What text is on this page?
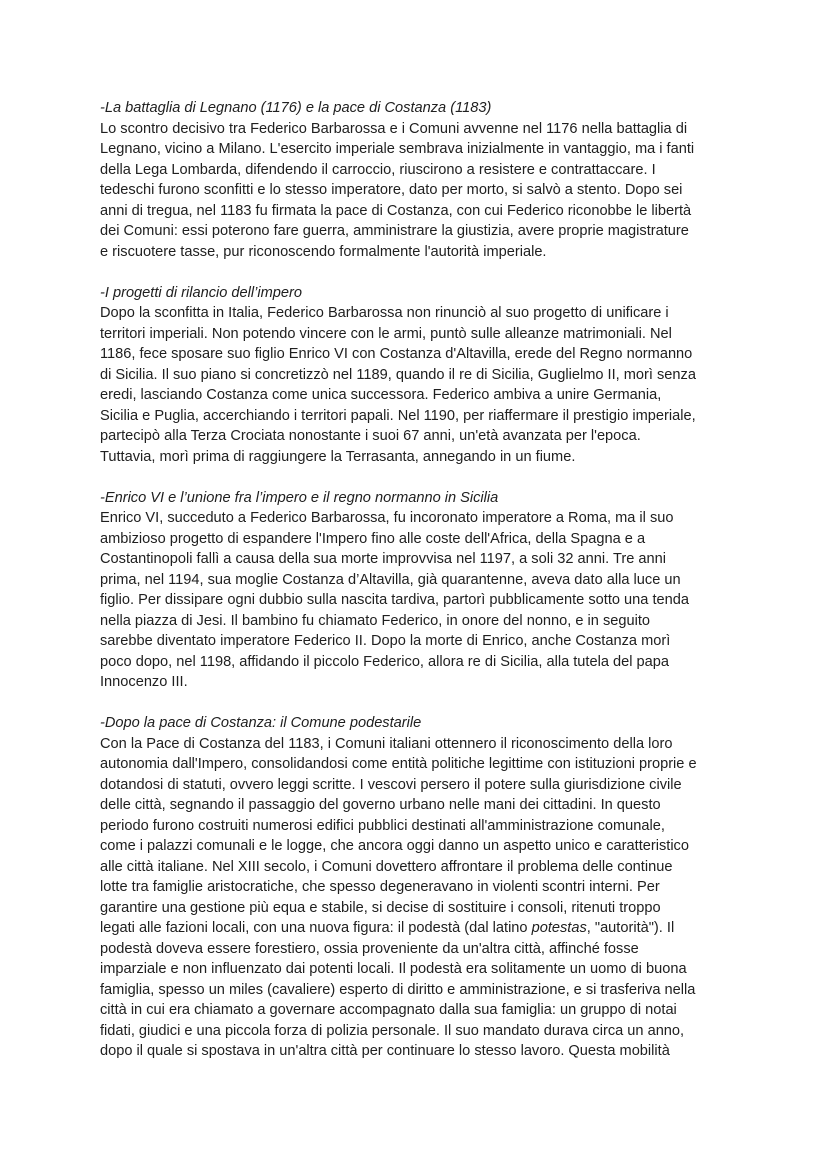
-La battaglia di Legnano (1176) e la pace di Costanza (1183)
Lo scontro decisivo tra Federico Barbarossa e i Comuni avvenne nel 1176 nella battaglia di
Legnano, vicino a Milano. L'esercito imperiale sembrava inizialmente in vantaggio, ma i fanti
della Lega Lombarda, difendendo il carroccio, riuscirono a resistere e contrattaccare. I
tedeschi furono sconfitti e lo stesso imperatore, dato per morto, si salvò a stento. Dopo sei
anni di tregua, nel 1183 fu firmata la pace di Costanza, con cui Federico riconobbe le libertà
dei Comuni: essi poterono fare guerra, amministrare la giustizia, avere proprie magistrature
e riscuotere tasse, pur riconoscendo formalmente l'autorità imperiale.
-I progetti di rilancio dell’impero
Dopo la sconfitta in Italia, Federico Barbarossa non rinunciò al suo progetto di unificare i
territori imperiali. Non potendo vincere con le armi, puntò sulle alleanze matrimoniali. Nel
1186, fece sposare suo figlio Enrico VI con Costanza d'Altavilla, erede del Regno normanno
di Sicilia. Il suo piano si concretizzò nel 1189, quando il re di Sicilia, Guglielmo II, morì senza
eredi, lasciando Costanza come unica successora. Federico ambiva a unire Germania,
Sicilia e Puglia, accerchiando i territori papali. Nel 1190, per riaffermare il prestigio imperiale,
partecipò alla Terza Crociata nonostante i suoi 67 anni, un'età avanzata per l'epoca.
Tuttavia, morì prima di raggiungere la Terrasanta, annegando in un fiume.
-Enrico VI e l’unione fra l’impero e il regno normanno in Sicilia
Enrico VI, succeduto a Federico Barbarossa, fu incoronato imperatore a Roma, ma il suo
ambizioso progetto di espandere l'Impero fino alle coste dell'Africa, della Spagna e a
Costantinopoli fallì a causa della sua morte improvvisa nel 1197, a soli 32 anni. Tre anni
prima, nel 1194, sua moglie Costanza d’Altavilla, già quarantenne, aveva dato alla luce un
figlio. Per dissipare ogni dubbio sulla nascita tardiva, partorì pubblicamente sotto una tenda
nella piazza di Jesi. Il bambino fu chiamato Federico, in onore del nonno, e in seguito
sarebbe diventato imperatore Federico II. Dopo la morte di Enrico, anche Costanza morì
poco dopo, nel 1198, affidando il piccolo Federico, allora re di Sicilia, alla tutela del papa
Innocenzo III.
-Dopo la pace di Costanza: il Comune podestarile
Con la Pace di Costanza del 1183, i Comuni italiani ottennero il riconoscimento della loro
autonomia dall'Impero, consolidandosi come entità politiche legittime con istituzioni proprie e
dotandosi di statuti, ovvero leggi scritte. I vescovi persero il potere sulla giurisdizione civile
delle città, segnando il passaggio del governo urbano nelle mani dei cittadini. In questo
periodo furono costruiti numerosi edifici pubblici destinati all'amministrazione comunale,
come i palazzi comunali e le logge, che ancora oggi danno un aspetto unico e caratteristico
alle città italiane. Nel XIII secolo, i Comuni dovettero affrontare il problema delle continue
lotte tra famiglie aristocratiche, che spesso degeneravano in violenti scontri interni. Per
garantire una gestione più equa e stabile, si decise di sostituire i consoli, ritenuti troppo
legati alle fazioni locali, con una nuova figura: il podestà (dal latino potestas, "autorità"). Il
podestà doveva essere forestiero, ossia proveniente da un'altra città, affinché fosse
imparziale e non influenzato dai potenti locali. Il podestà era solitamente un uomo di buona
famiglia, spesso un miles (cavaliere) esperto di diritto e amministrazione, e si trasferiva nella
città in cui era chiamato a governare accompagnato dalla sua famiglia: un gruppo di notai
fidati, giudici e una piccola forza di polizia personale. Il suo mandato durava circa un anno,
dopo il quale si spostava in un'altra città per continuare lo stesso lavoro. Questa mobilità
